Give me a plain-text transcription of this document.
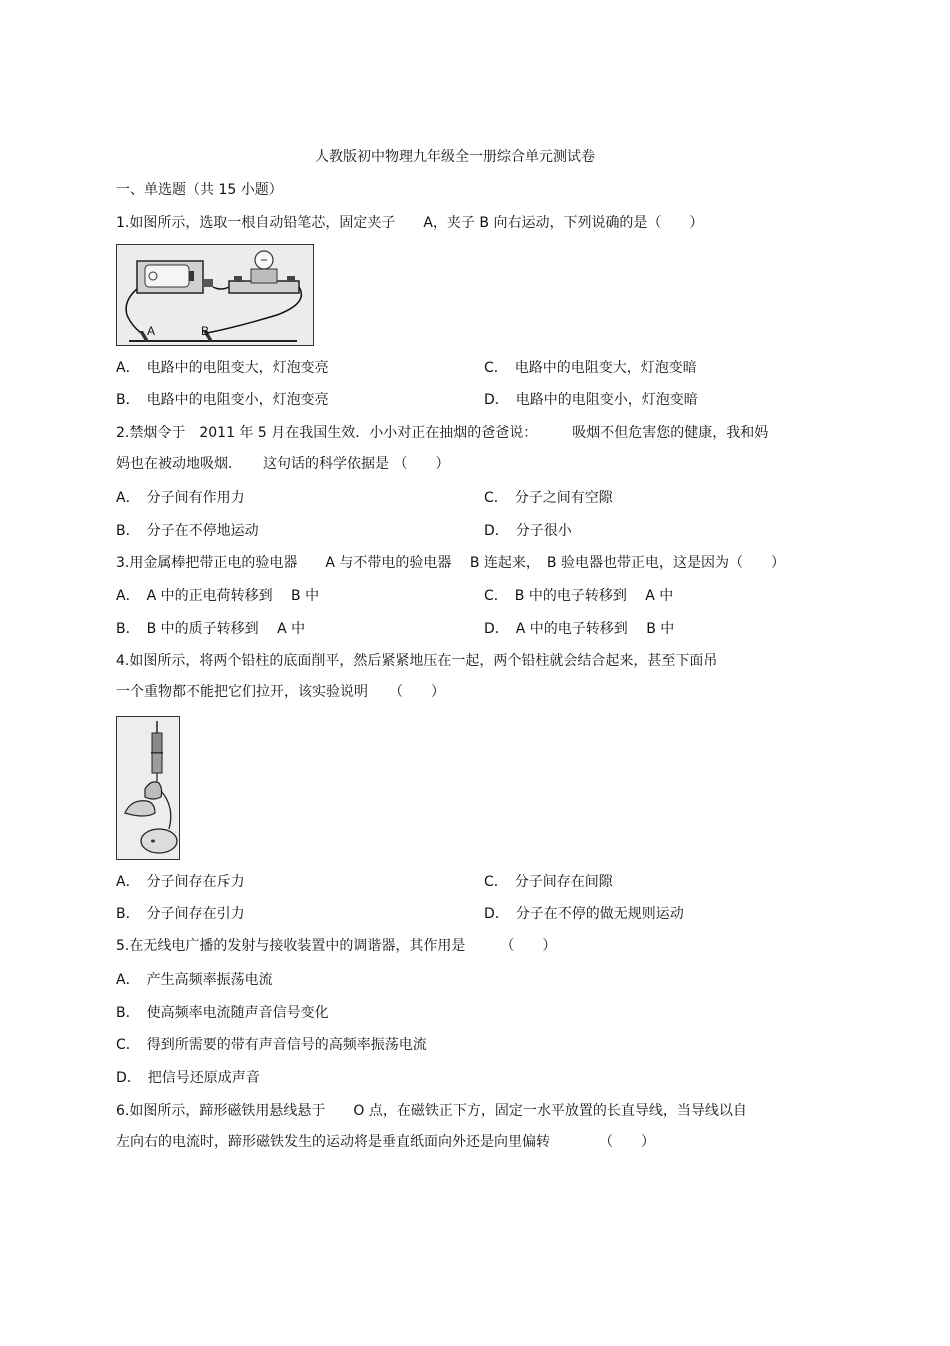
人教版初中物理九年级全一册综合单元测试卷
一、单选题（共 15 小题）
1.如图所示，选取一根自动铅笔芯，固定夹子　　A，夹子 B 向右运动，下列说确的是（　　）
A	B
A．　电路中的电阻变大，灯泡变亮	C．　电路中的电阻变大，灯泡变暗
B．　电路中的电阻变小，灯泡变亮	D．　电路中的电阻变小，灯泡变暗
2.禁烟令于　2011 年 5 月在我国生效．小小对正在抽烟的爸爸说：　　　吸烟不但危害您的健康，我和妈
妈也在被动地吸烟．　　这句话的科学依据是 （　　）
A．　分子间有作用力	C．　分子之间有空隙
B．　分子在不停地运动	D．　分子很小
3.用金属棒把带正电的验电器　　A 与不带电的验电器　 B 连起来，　B 验电器也带正电，这是因为（　　）
A．　A 中的正电荷转移到　 B 中	C．　B 中的电子转移到　 A 中
B．　B 中的质子转移到　 A 中	D．　A 中的电子转移到　 B 中
4.如图所示，将两个铅柱的底面削平，然后紧紧地压在一起，两个铅柱就会结合起来，甚至下面吊
一个重物都不能把它们拉开，该实验说明　　（　　）
A．　分子间存在斥力	C．　分子间存在间隙
B．　分子间存在引力	D．　分子在不停的做无规则运动
5.在无线电广播的发射与接收装置中的调谐器，其作用是　　　（　　）
A．　产生高频率振荡电流
B．　使高频率电流随声音信号变化
C．　得到所需要的带有声音信号的高频率振荡电流
D．　把信号还原成声音
6.如图所示，蹄形磁铁用悬线悬于　　O 点，在磁铁正下方，固定一水平放置的长直导线，当导线以自
左向右的电流时，蹄形磁铁发生的运动将是垂直纸面向外还是向里偏转　　　　（　　）
